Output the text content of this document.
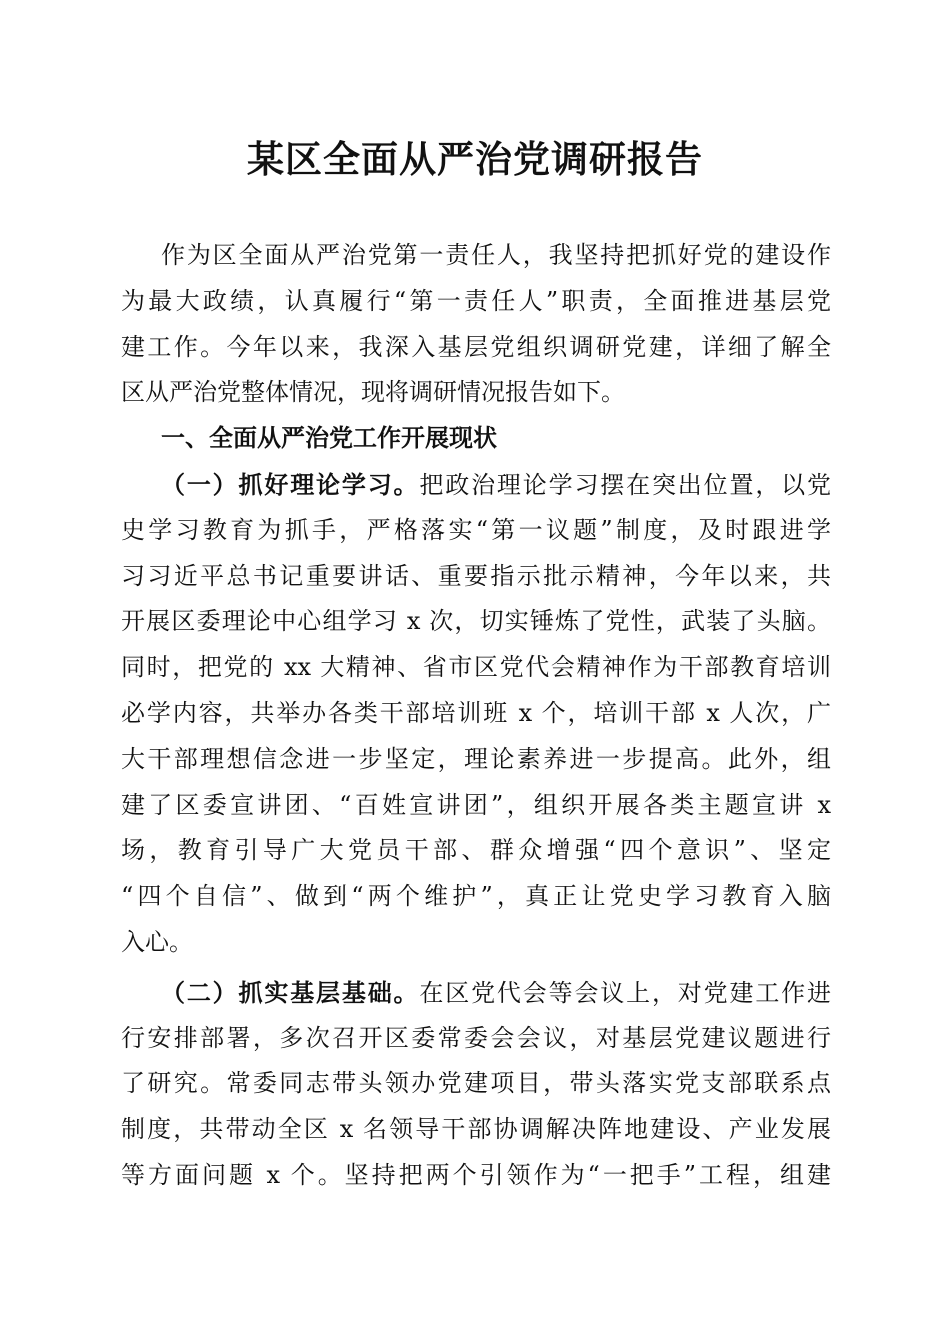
某区全面从严治党调研报告
作为区全面从严治党第一责任人，我坚持把抓好党的建设作
为最大政绩，认真履行“第一责任人”职责，全面推进基层党
建工作。今年以来，我深入基层党组织调研党建，详细了解全
区从严治党整体情况，现将调研情况报告如下。
一、全面从严治党工作开展现状
（一）抓好理论学习。把政治理论学习摆在突出位置，以党
史学习教育为抓手，严格落实“第一议题”制度，及时跟进学
习习近平总书记重要讲话、重要指示批示精神，今年以来，共
开展区委理论中心组学习 x 次，切实锤炼了党性，武装了头脑。
同时，把党的 xx 大精神、省市区党代会精神作为干部教育培训
必学内容，共举办各类干部培训班 x 个，培训干部 x 人次，广
大干部理想信念进一步坚定，理论素养进一步提高。此外，组
建了区委宣讲团、“百姓宣讲团”，组织开展各类主题宣讲 x
场，教育引导广大党员干部、群众增强“四个意识”、坚定
“四个自信”、做到“两个维护”，真正让党史学习教育入脑
入心。
（二）抓实基层基础。在区党代会等会议上，对党建工作进
行安排部署，多次召开区委常委会会议，对基层党建议题进行
了研究。常委同志带头领办党建项目，带头落实党支部联系点
制度，共带动全区 x 名领导干部协调解决阵地建设、产业发展
等方面问题 x 个。坚持把两个引领作为“一把手”工程，组建
